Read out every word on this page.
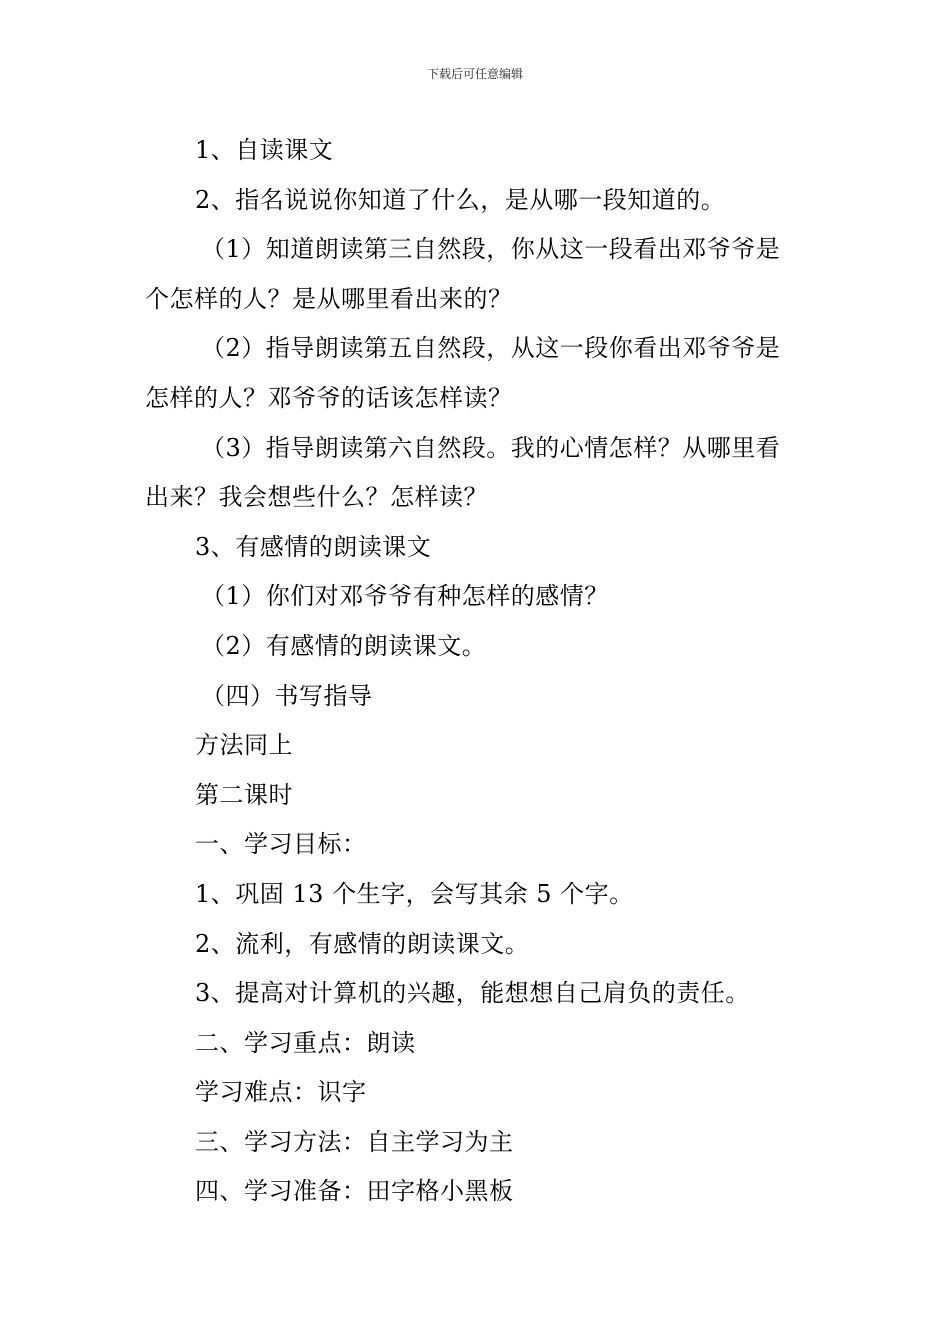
下载后可任意编辑
1、自读课文
2、指名说说你知道了什么，是从哪一段知道的。
（1）知道朗读第三自然段，你从这一段看出邓爷爷是
个怎样的人？是从哪里看出来的？
（2）指导朗读第五自然段，从这一段你看出邓爷爷是
怎样的人？邓爷爷的话该怎样读？
（3）指导朗读第六自然段。我的心情怎样？从哪里看
出来？我会想些什么？怎样读？
3、有感情的朗读课文
（1）你们对邓爷爷有种怎样的感情？
（2）有感情的朗读课文。
（四）书写指导
方法同上
第二课时
一、学习目标：
1、巩固 13 个生字，会写其余 5 个字。
2、流利，有感情的朗读课文。
3、提高对计算机的兴趣，能想想自己肩负的责任。
二、学习重点：朗读
学习难点：识字
三、学习方法：自主学习为主
四、学习准备：田字格小黑板
